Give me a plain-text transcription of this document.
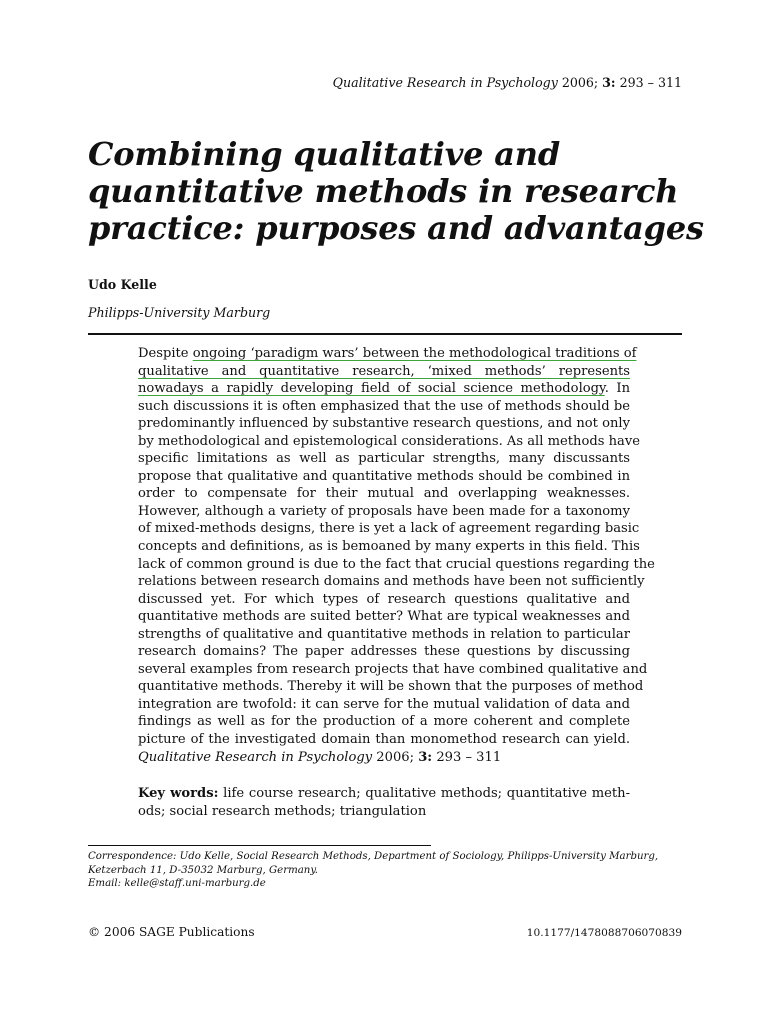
Qualitative Research in Psychology 2006; 3: 293 – 311
Combining qualitative and
quantitative methods in research
practice: purposes and advantages
Udo Kelle
Philipps-University Marburg
Despite ongoing ‘paradigm wars’ between the methodological traditions of
qualitative and quantitative research, ‘mixed methods’ represents
nowadays a rapidly developing field of social science methodology. In
such discussions it is often emphasized that the use of methods should be
predominantly influenced by substantive research questions, and not only
by methodological and epistemological considerations. As all methods have
specific limitations as well as particular strengths, many discussants
propose that qualitative and quantitative methods should be combined in
order to compensate for their mutual and overlapping weaknesses.
However, although a variety of proposals have been made for a taxonomy
of mixed-methods designs, there is yet a lack of agreement regarding basic
concepts and definitions, as is bemoaned by many experts in this field. This
lack of common ground is due to the fact that crucial questions regarding the
relations between research domains and methods have been not sufficiently
discussed yet. For which types of research questions qualitative and
quantitative methods are suited better? What are typical weaknesses and
strengths of qualitative and quantitative methods in relation to particular
research domains? The paper addresses these questions by discussing
several examples from research projects that have combined qualitative and
quantitative methods. Thereby it will be shown that the purposes of method
integration are twofold: it can serve for the mutual validation of data and
findings as well as for the production of a more coherent and complete
picture of the investigated domain than monomethod research can yield.
Qualitative Research in Psychology 2006; 3: 293 – 311
Key words: life course research; qualitative methods; quantitative meth-
ods; social research methods; triangulation
Correspondence: Udo Kelle, Social Research Methods, Department of Sociology, Philipps-University Marburg,
Ketzerbach 11, D-35032 Marburg, Germany.
Email: kelle@staff.uni-marburg.de
© 2006 SAGE Publications	10.1177/1478088706070839
